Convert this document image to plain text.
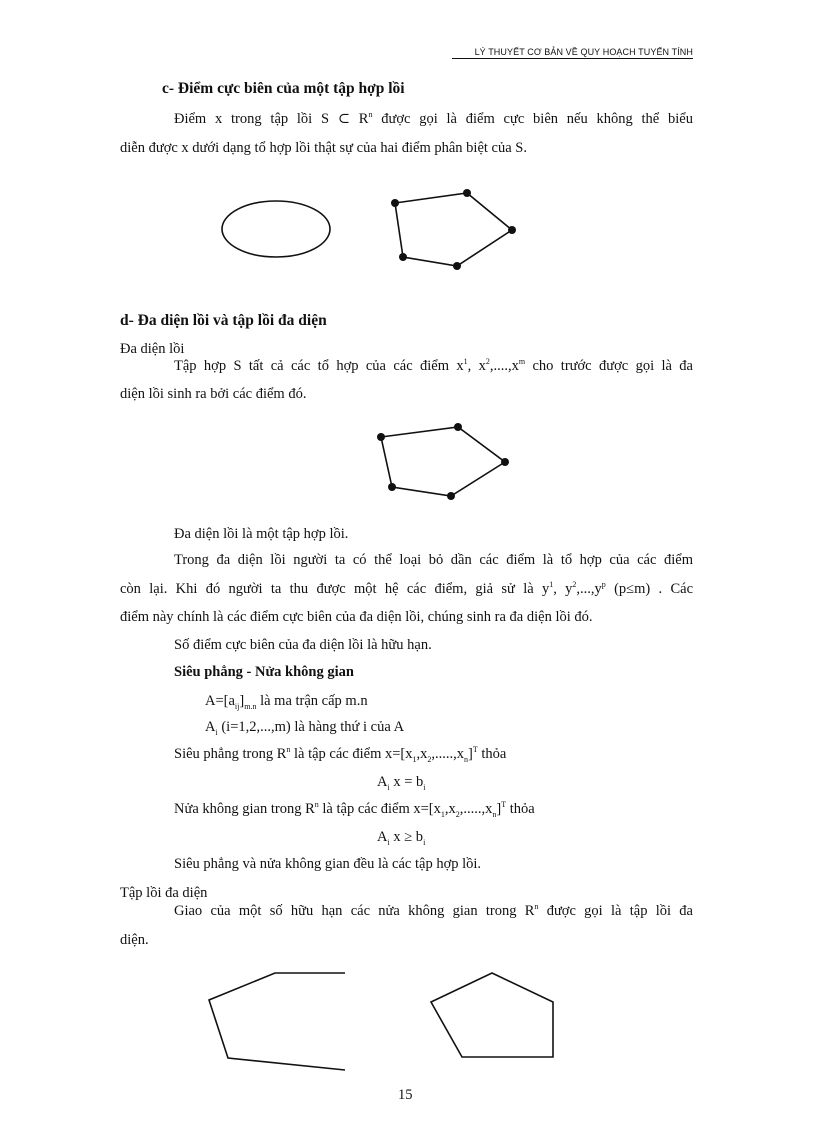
LÝ THUYẾT CƠ BẢN VỀ QUY HOẠCH TUYẾN TÍNH
c- Điểm cực biên của một tập hợp lồi
Điểm x trong tập lồi S ⊂ $R^n$ được gọi là điểm cực biên nếu không thể biểu
diễn được x dưới dạng tổ hợp lồi thật sự của hai điểm phân biệt của S.
d- Đa diện lồi và tập lồi đa diện
Đa diện lồi
Tập hợp S tất cả các tổ hợp của các điểm $x^1$, $x^2,....,x^m$ cho trước được gọi là đa
diện lồi sinh ra bởi các điểm đó.
Đa diện lồi là một tập hợp lồi.
Trong đa diện lồi người ta có thể loại bỏ dần các điểm là tổ hợp của các điểm
còn lại. Khi đó người ta thu được một hệ các điểm, giả sử là $y^1$, $y^2,...,y^p$ (p≤m) . Các
điểm này chính là các điểm cực biên của đa diện lồi, chúng sinh ra đa diện lồi đó.
Số điểm cực biên của đa diện lồi là hữu hạn.
Siêu phẳng - Nửa không gian
$A=[a_{ij}]_{m.n}$ là ma trận cấp m.n
$A_i$ (i=1,2,...,m) là hàng thứ i của A
Siêu phẳng trong $R^n$ là tập các điểm $x=[x_1,x_2,.....,x_n]^T$ thỏa
$A_i$ $x = b_i$
Nửa không gian trong $R^n$ là tập các điểm $x=[x_1,x_2,.....,x_n]^T$ thỏa
$A_i$ $x \ge b_i$
Siêu phẳng và nửa không gian đều là các tập hợp lồi.
Tập lồi đa diện
Giao của một số hữu hạn các nửa không gian trong $R^n$ được gọi là tập lồi đa
diện.
15
